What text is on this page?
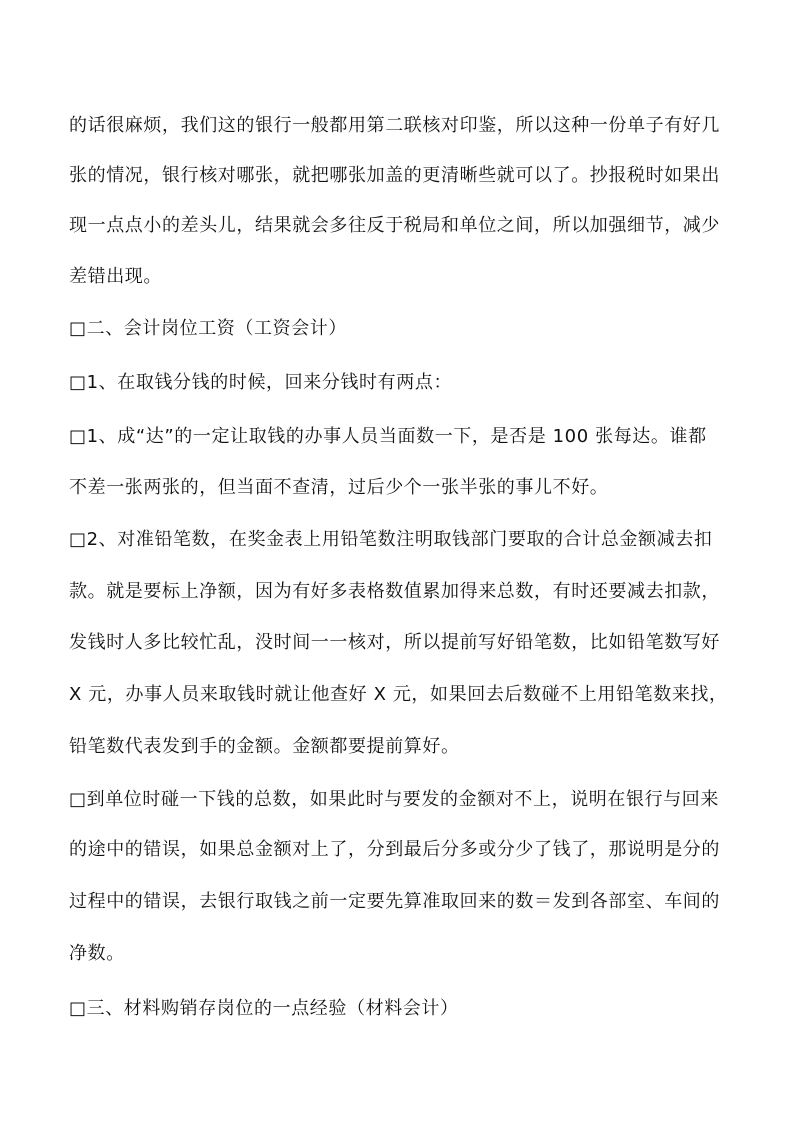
的话很麻烦，我们这的银行一般都用第二联核对印鉴，所以这种一份单子有好几
张的情况，银行核对哪张，就把哪张加盖的更清晰些就可以了。抄报税时如果出
现一点点小的差头儿，结果就会多往反于税局和单位之间，所以加强细节，减少
差错出现。
□二、会计岗位工资（工资会计）
□1、在取钱分钱的时候，回来分钱时有两点：
□1、成“达”的一定让取钱的办事人员当面数一下，是否是 100 张每达。谁都
不差一张两张的，但当面不查清，过后少个一张半张的事儿不好。
□2、对准铅笔数，在奖金表上用铅笔数注明取钱部门要取的合计总金额减去扣
款。就是要标上净额，因为有好多表格数值累加得来总数，有时还要减去扣款，
发钱时人多比较忙乱，没时间一一核对，所以提前写好铅笔数，比如铅笔数写好
X 元，办事人员来取钱时就让他查好 X 元，如果回去后数碰不上用铅笔数来找，
铅笔数代表发到手的金额。金额都要提前算好。
□到单位时碰一下钱的总数，如果此时与要发的金额对不上，说明在银行与回来
的途中的错误，如果总金额对上了，分到最后分多或分少了钱了，那说明是分的
过程中的错误，去银行取钱之前一定要先算准取回来的数＝发到各部室、车间的
净数。
□三、材料购销存岗位的一点经验（材料会计）
